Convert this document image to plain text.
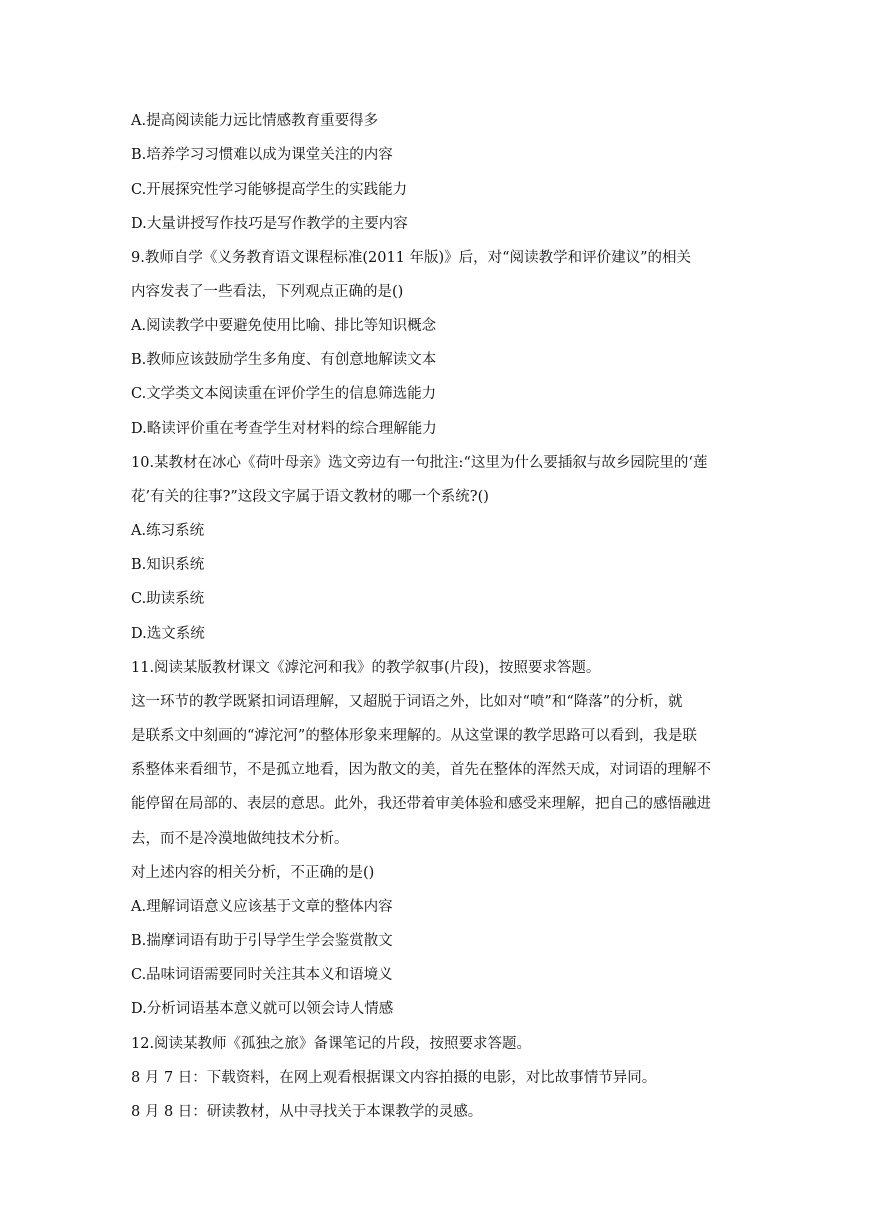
A.提高阅读能力远比情感教育重要得多
B.培养学习习惯难以成为课堂关注的内容
C.开展探究性学习能够提高学生的实践能力
D.大量讲授写作技巧是写作教学的主要内容
9.教师自学《义务教育语文课程标准(2011 年版)》后，对“阅读教学和评价建议”的相关
内容发表了一些看法，下列观点正确的是()
A.阅读教学中要避免使用比喻、排比等知识概念
B.教师应该鼓励学生多角度、有创意地解读文本
C.文学类文本阅读重在评价学生的信息筛选能力
D.略读评价重在考查学生对材料的综合理解能力
10.某教材在冰心《荷叶母亲》选文旁边有一句批注:“这里为什么要插叙与故乡园院里的‘莲
花’有关的往事?”这段文字属于语文教材的哪一个系统?()
A.练习系统
B.知识系统
C.助读系统
D.选文系统
11.阅读某版教材课文《滹沱河和我》的教学叙事(片段)，按照要求答题。
这一环节的教学既紧扣词语理解，又超脱于词语之外，比如对“喷”和“降落”的分析，就
是联系文中刻画的“滹沱河”的整体形象来理解的。从这堂课的教学思路可以看到，我是联
系整体来看细节，不是孤立地看，因为散文的美，首先在整体的浑然天成，对词语的理解不
能停留在局部的、表层的意思。此外，我还带着审美体验和感受来理解，把自己的感悟融进
去，而不是冷漠地做纯技术分析。
对上述内容的相关分析，不正确的是()
A.理解词语意义应该基于文章的整体内容
B.揣摩词语有助于引导学生学会鉴赏散文
C.品味词语需要同时关注其本义和语境义
D.分析词语基本意义就可以领会诗人情感
12.阅读某教师《孤独之旅》备课笔记的片段，按照要求答题。
8 月 7 日：下载资料，在网上观看根据课文内容拍摄的电影，对比故事情节异同。
8 月 8 日：研读教材，从中寻找关于本课教学的灵感。
